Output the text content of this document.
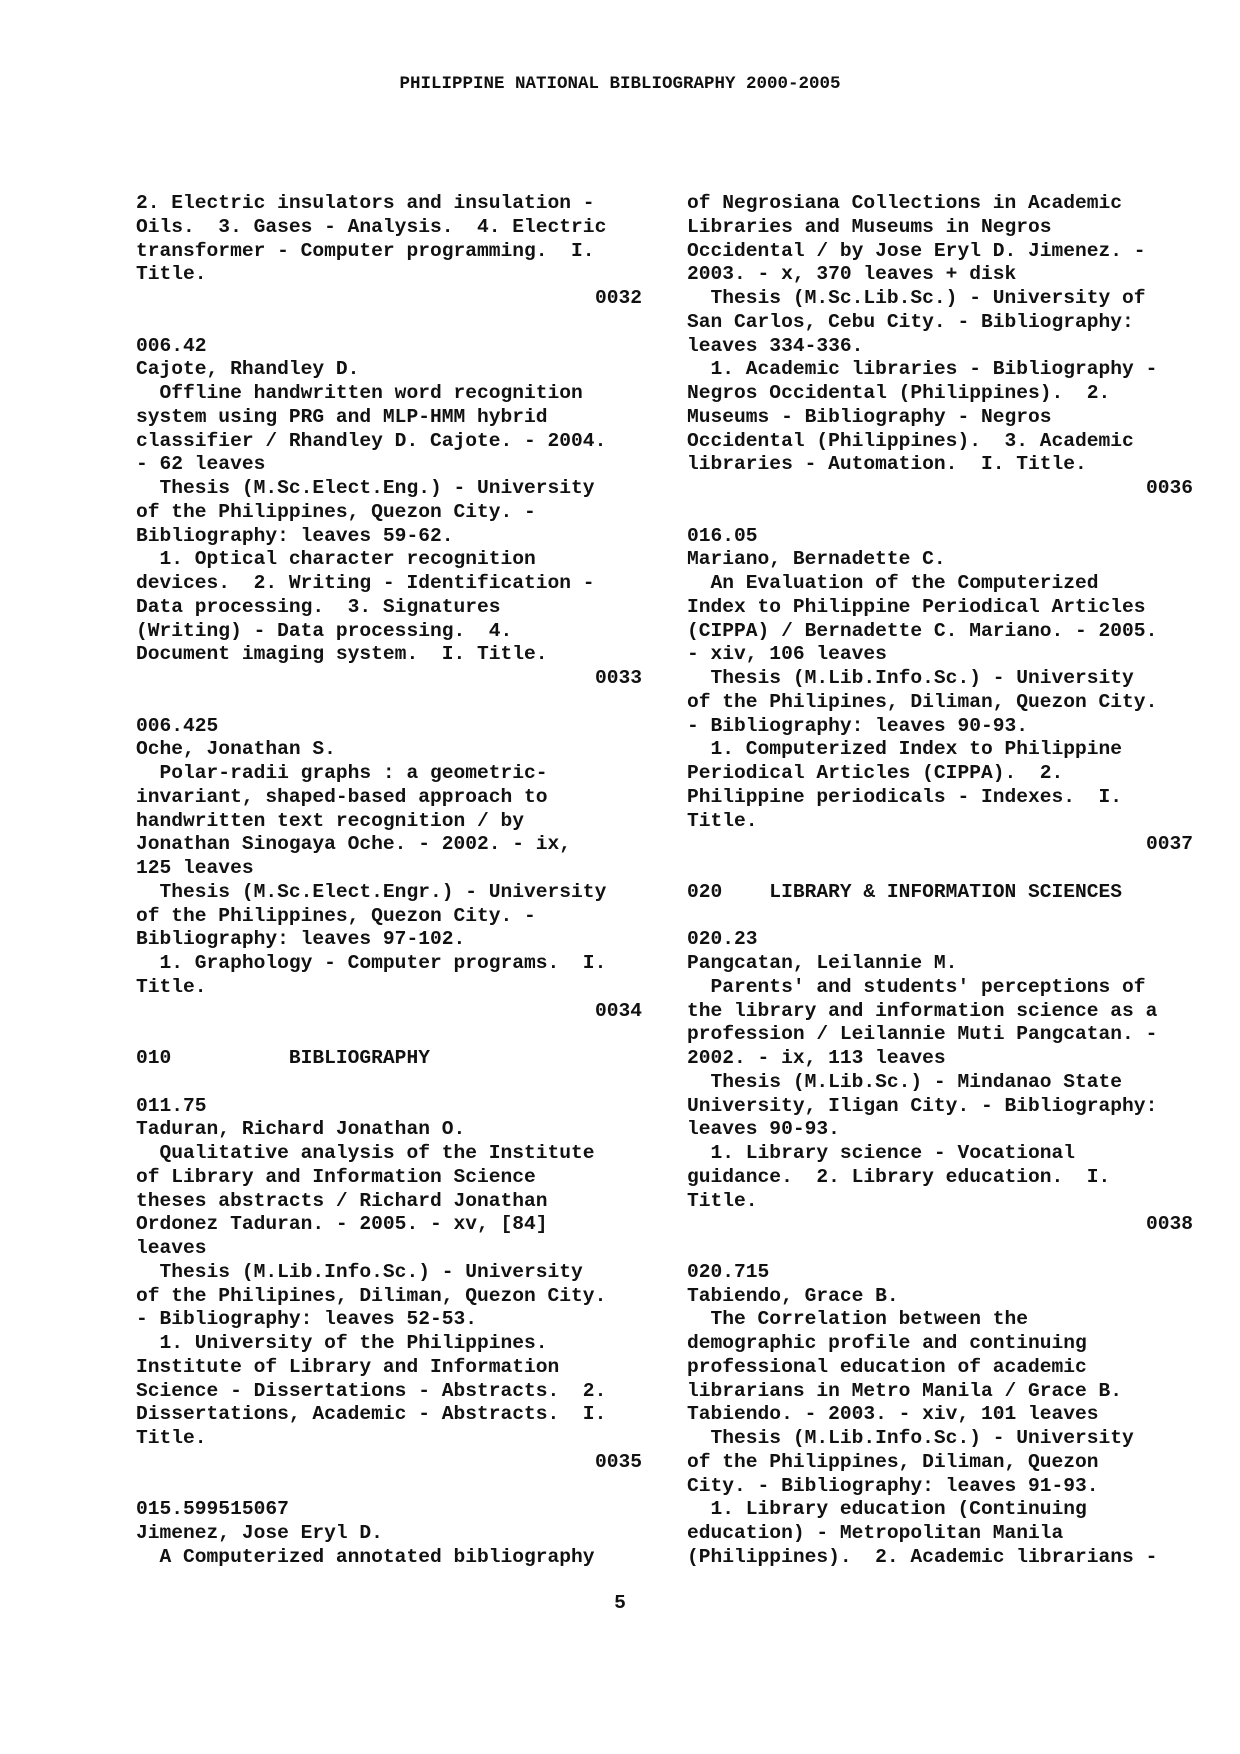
PHILIPPINE NATIONAL BIBLIOGRAPHY 2000-2005
2. Electric insulators and insulation -
Oils.  3. Gases - Analysis.  4. Electric
transformer - Computer programming.  I.
Title.
0032
006.42
Cajote, Rhandley D.
Offline handwritten word recognition
system using PRG and MLP-HMM hybrid
classifier / Rhandley D. Cajote. - 2004.
- 62 leaves
Thesis (M.Sc.Elect.Eng.) - University
of the Philippines, Quezon City. -
Bibliography: leaves 59-62.
1. Optical character recognition
devices.  2. Writing - Identification -
Data processing.  3. Signatures
(Writing) - Data processing.  4.
Document imaging system.  I. Title.
0033
006.425
Oche, Jonathan S.
Polar-radii graphs : a geometric-
invariant, shaped-based approach to
handwritten text recognition / by
Jonathan Sinogaya Oche. - 2002. - ix,
125 leaves
Thesis (M.Sc.Elect.Engr.) - University
of the Philippines, Quezon City. -
Bibliography: leaves 97-102.
1. Graphology - Computer programs.  I.
Title.
0034
010          BIBLIOGRAPHY
011.75
Taduran, Richard Jonathan O.
Qualitative analysis of the Institute
of Library and Information Science
theses abstracts / Richard Jonathan
Ordonez Taduran. - 2005. - xv, [84]
leaves
Thesis (M.Lib.Info.Sc.) - University
of the Philipines, Diliman, Quezon City.
- Bibliography: leaves 52-53.
1. University of the Philippines.
Institute of Library and Information
Science - Dissertations - Abstracts.  2.
Dissertations, Academic - Abstracts.  I.
Title.
0035
015.599515067
Jimenez, Jose Eryl D.
A Computerized annotated bibliography
of Negrosiana Collections in Academic
Libraries and Museums in Negros
Occidental / by Jose Eryl D. Jimenez. -
2003. - x, 370 leaves + disk
Thesis (M.Sc.Lib.Sc.) - University of
San Carlos, Cebu City. - Bibliography:
leaves 334-336.
1. Academic libraries - Bibliography -
Negros Occidental (Philippines).  2.
Museums - Bibliography - Negros
Occidental (Philippines).  3. Academic
libraries - Automation.  I. Title.
0036
016.05
Mariano, Bernadette C.
An Evaluation of the Computerized
Index to Philippine Periodical Articles
(CIPPA) / Bernadette C. Mariano. - 2005.
- xiv, 106 leaves
Thesis (M.Lib.Info.Sc.) - University
of the Philipines, Diliman, Quezon City.
- Bibliography: leaves 90-93.
1. Computerized Index to Philippine
Periodical Articles (CIPPA).  2.
Philippine periodicals - Indexes.  I.
Title.
0037
020    LIBRARY & INFORMATION SCIENCES
020.23
Pangcatan, Leilannie M.
Parents' and students' perceptions of
the library and information science as a
profession / Leilannie Muti Pangcatan. -
2002. - ix, 113 leaves
Thesis (M.Lib.Sc.) - Mindanao State
University, Iligan City. - Bibliography:
leaves 90-93.
1. Library science - Vocational
guidance.  2. Library education.  I.
Title.
0038
020.715
Tabiendo, Grace B.
The Correlation between the
demographic profile and continuing
professional education of academic
librarians in Metro Manila / Grace B.
Tabiendo. - 2003. - xiv, 101 leaves
Thesis (M.Lib.Info.Sc.) - University
of the Philippines, Diliman, Quezon
City. - Bibliography: leaves 91-93.
1. Library education (Continuing
education) - Metropolitan Manila
(Philippines).  2. Academic librarians -
5
